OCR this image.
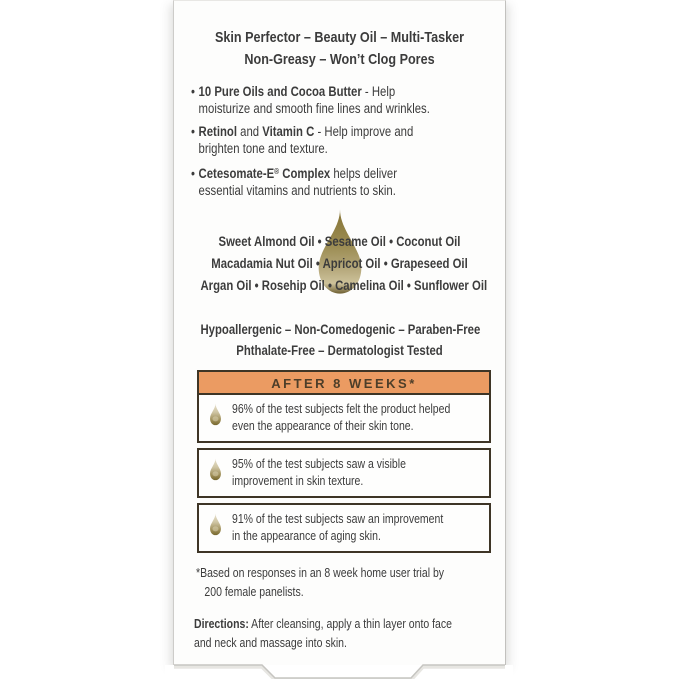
Skin Perfector – Beauty Oil – Multi-Tasker
Non-Greasy – Won’t Clog Pores
• 10 Pure Oils and Cocoa Butter - Help
moisturize and smooth fine lines and wrinkles.
• Retinol and Vitamin C - Help improve and
brighten tone and texture.
• Cetesomate-E® Complex helps deliver
essential vitamins and nutrients to skin.
Sweet Almond Oil • Sesame Oil • Coconut Oil
Macadamia Nut Oil • Apricot Oil • Grapeseed Oil
Argan Oil • Rosehip Oil • Camelina Oil • Sunflower Oil
Hypoallergenic – Non-Comedogenic – Paraben-Free
Phthalate-Free – Dermatologist Tested
AFTER 8 WEEKS*
96% of the test subjects felt the product helped
even the appearance of their skin tone.
95% of the test subjects saw a visible
improvement in skin texture.
91% of the test subjects saw an improvement
in the appearance of aging skin.
*Based on responses in an 8 week home user trial by
200 female panelists.
Directions: After cleansing, apply a thin layer onto face
and neck and massage into skin.
